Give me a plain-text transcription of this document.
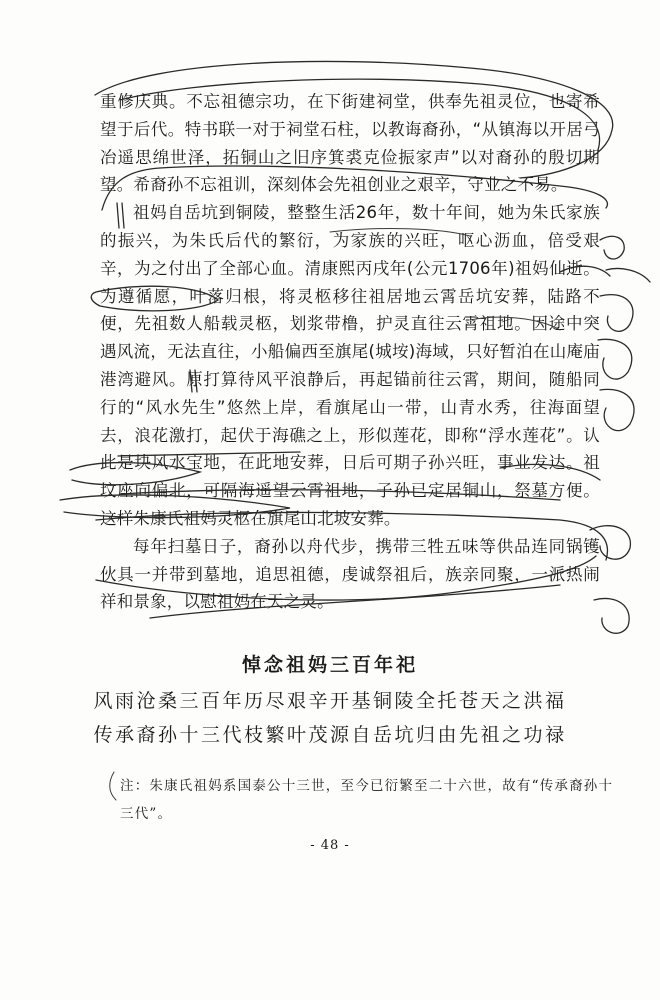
重修庆典。不忘祖德宗功，在下街建祠堂，供奉先祖灵位，也寄希望于后代。特书联一对于祠堂石柱，以教诲裔孙，“从镇海以开居弓冶遥思绵世泽，拓铜山之旧序箕裘克俭振家声”以对裔孙的殷切期望。希裔孙不忘祖训，深刻体会先祖创业之艰辛，守业之不易。

祖妈自岳坑到铜陵，整整生活26年，数十年间，她为朱氏家族的振兴，为朱氏后代的繁衍，为家族的兴旺，呕心沥血，倍受艰辛，为之付出了全部心血。清康熙丙戌年(公元1706年)祖妈仙逝。为遵循愿，叶落归根，将灵柩移往祖居地云霄岳坑安葬，陆路不便，先祖数人船载灵柩，划浆带橹，护灵直往云霄祖地。因途中突遇风流，无法直往，小船偏西至旗尾(城垵)海域，只好暂泊在山庵庙港湾避风。原打算待风平浪静后，再起锚前往云霄，期间，随船同行的“风水先生”悠然上岸，看旗尾山一带，山青水秀，往海面望去，浪花激打，起伏于海礁之上，形似莲花，即称“浮水莲花”。认此是块风水宝地，在此地安葬，日后可期子孙兴旺，事业发达。祖坟座向偏北，可隔海遥望云霄祖地，子孙已定居铜山，祭墓方便。这样朱康氏祖妈灵柩在旗尾山北坡安葬。

每年扫墓日子，裔孙以舟代步，携带三牲五味等供品连同锅镬伙具一并带到墓地，追思祖德，虔诚祭祖后，族亲同聚，一派热闹祥和景象，以慰祖妈在天之灵。

悼念祖妈三百年祀
风雨沧桑三百年历尽艰辛开基铜陵全托苍天之洪福
传承裔孙十三代枝繁叶茂源自岳坑归由先祖之功禄
注：朱康氏祖妈系国泰公十三世，至今已衍繁至二十六世，故有“传承裔孙十三代”。
- 48 -
